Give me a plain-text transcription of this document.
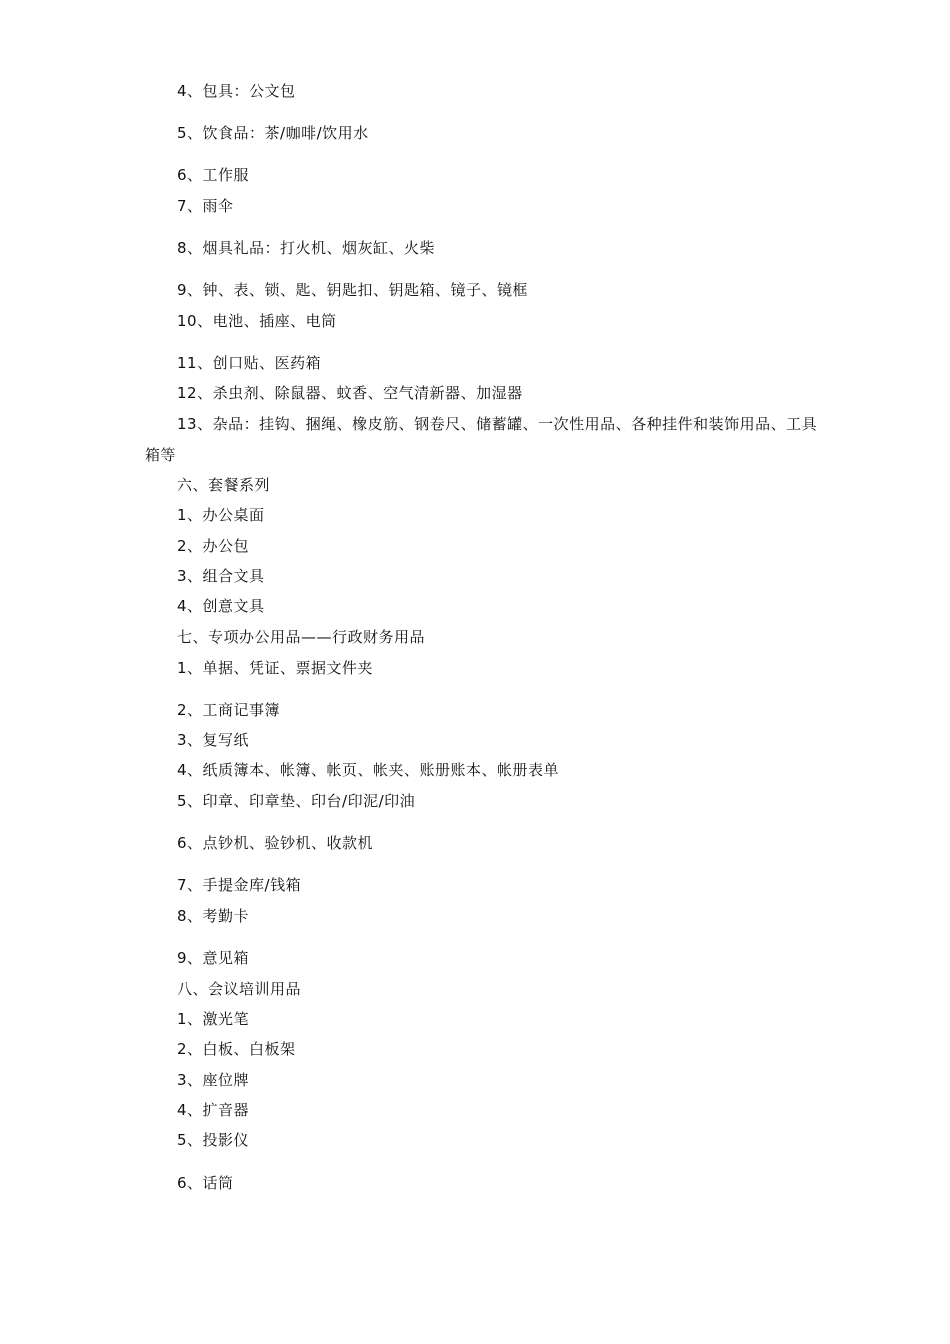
4、包具：公文包
5、饮食品：茶/咖啡/饮用水
6、工作服
7、雨伞
8、烟具礼品：打火机、烟灰缸、火柴
9、钟、表、锁、匙、钥匙扣、钥匙箱、镜子、镜框
10、电池、插座、电筒
11、创口贴、医药箱
12、杀虫剂、除鼠器、蚊香、空气清新器、加湿器
13、杂品：挂钩、捆绳、橡皮筋、钢卷尺、储蓄罐、一次性用品、各种挂件和装饰用品、工具
箱等
六、套餐系列
1、办公桌面
2、办公包
3、组合文具
4、创意文具
七、专项办公用品——行政财务用品
1、单据、凭证、票据文件夹
2、工商记事簿
3、复写纸
4、纸质簿本、帐簿、帐页、帐夹、账册账本、帐册表单
5、印章、印章垫、印台/印泥/印油
6、点钞机、验钞机、收款机
7、手提金库/钱箱
8、考勤卡
9、意见箱
八、会议培训用品
1、激光笔
2、白板、白板架
3、座位牌
4、扩音器
5、投影仪
6、话筒
